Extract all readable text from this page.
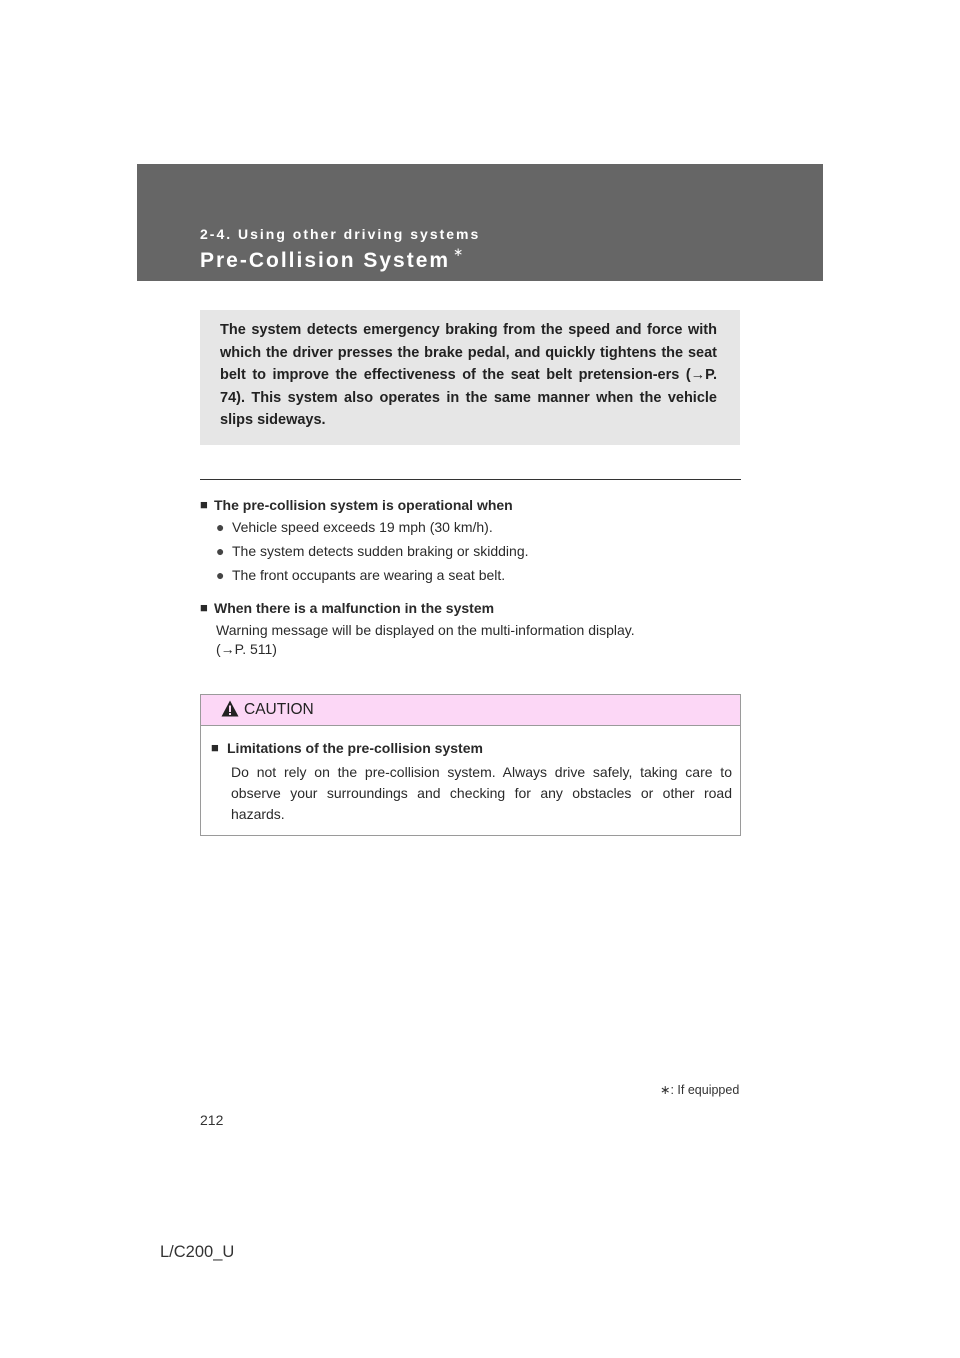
2-4. Using other driving systems
Pre-Collision System ∗
The system detects emergency braking from the speed and force with which the driver presses the brake pedal, and quickly tightens the seat belt to improve the effectiveness of the seat belt pretension-ers (→P. 74). This system also operates in the same manner when the vehicle slips sideways.
■ The pre-collision system is operational when
● Vehicle speed exceeds 19 mph (30 km/h).
● The system detects sudden braking or skidding.
● The front occupants are wearing a seat belt.
■ When there is a malfunction in the system
Warning message will be displayed on the multi-information display.
(→P. 511)
CAUTION
■ Limitations of the pre-collision system
Do not rely on the pre-collision system. Always drive safely, taking care to observe your surroundings and checking for any obstacles or other road hazards.
∗: If equipped
212
L/C200_U
